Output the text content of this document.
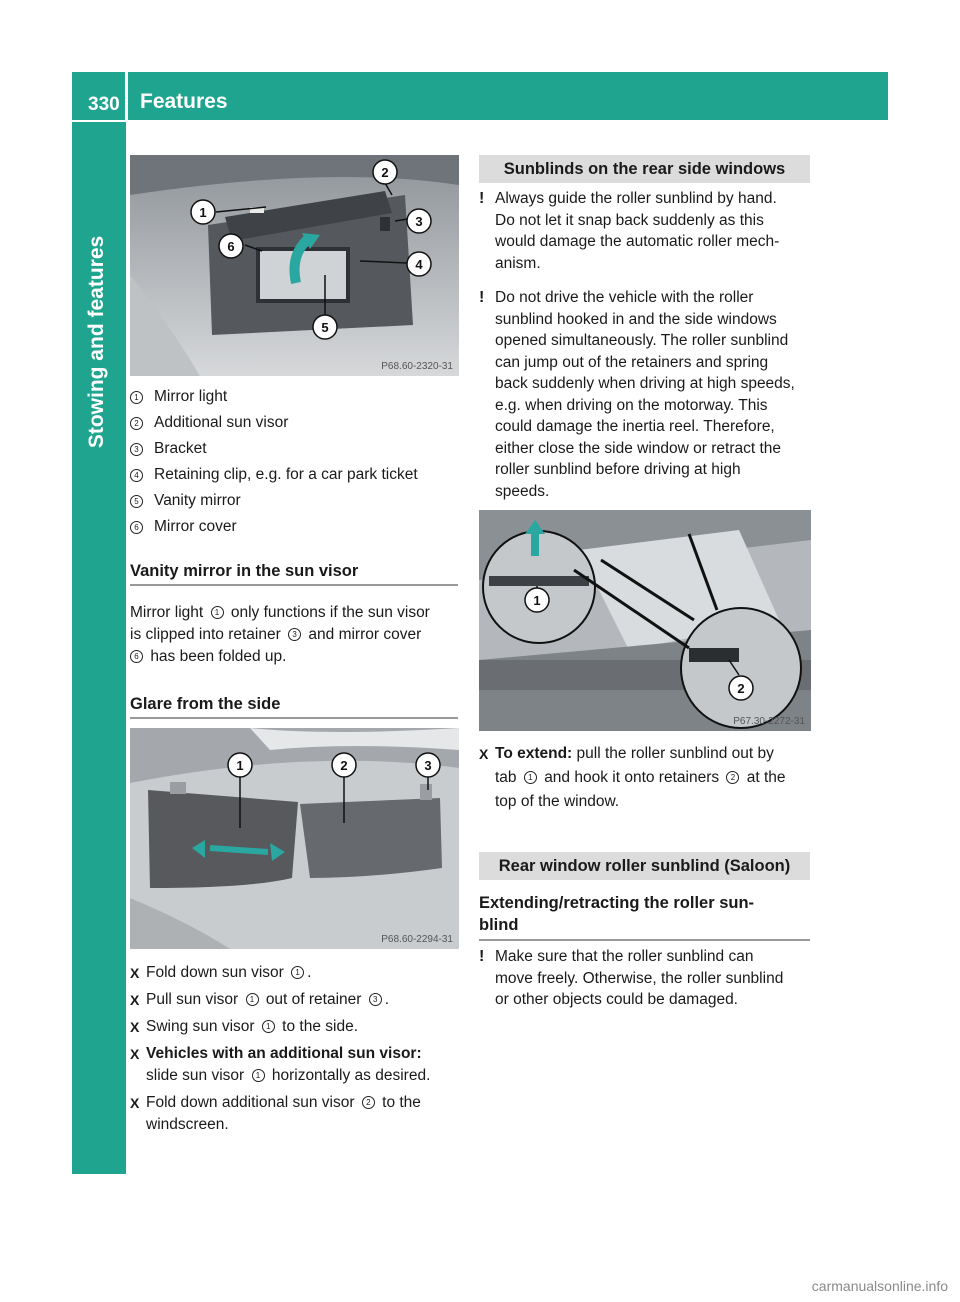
330 Features
Stowing and features
1
2
3
4
5
6
P68.60-2320-31
1 Mirror light
2 Additional sun visor
3 Bracket
4 Retaining clip, e.g. for a car park ticket
5 Vanity mirror
6 Mirror cover
Vanity mirror in the sun visor
Mirror light 1 only functions if the sun visor
is clipped into retainer 3 and mirror cover
6 has been folded up.
Glare from the side
1	2	3
P68.60-2294-31
X Fold down sun visor 1 .
X Pull sun visor 1 out of retainer 3 .
X Swing sun visor 1 to the side.
X Vehicles with an additional sun visor:
slide sun visor 1 horizontally as desired.
X Fold down additional sun visor 2 to the
windscreen.
Sunblinds on the rear side windows
! Always guide the roller sunblind by hand.
Do not let it snap back suddenly as this
would damage the automatic roller mech-
anism.
! Do not drive the vehicle with the roller
sunblind hooked in and the side windows
opened simultaneously. The roller sunblind
can jump out of the retainers and spring
back suddenly when driving at high speeds,
e.g. when driving on the motorway. This
could damage the inertia reel. Therefore,
either close the side window or retract the
roller sunblind before driving at high
speeds.
1
2
P67.30-2272-31
X To extend: pull the roller sunblind out by
tab 1 and hook it onto retainers 2 at the
top of the window.
Rear window roller sunblind (Saloon)
Extending/retracting the roller sun-
blind
! Make sure that the roller sunblind can
move freely. Otherwise, the roller sunblind
or other objects could be damaged.
carmanualsonline.info
